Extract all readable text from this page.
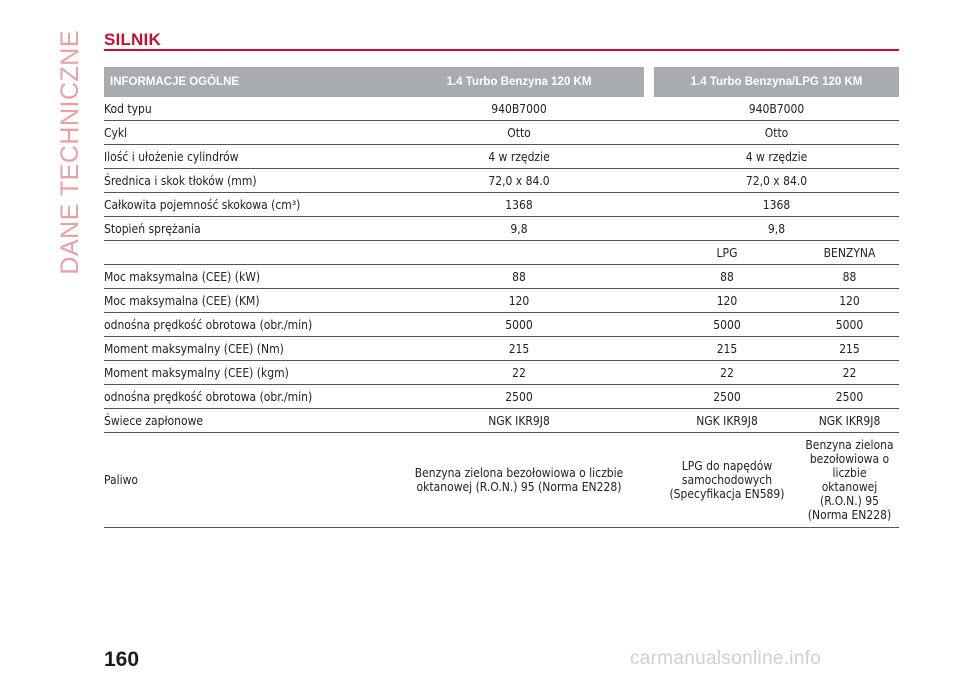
DANE TECHNICZNE SILNIK
INFORMACJE OGÓLNE	1.4 Turbo Benzyna 120 KM		1.4 Turbo Benzyna/LPG 120 KM	
Kod typu	940B7000		940B7000	
Cykl	Otto		Otto	
Ilość i ułożenie cylindrów	4 w rzędzie		4 w rzędzie	
Średnica i skok tłoków (mm)	72,0 x 84.0		72,0 x 84.0	
Całkowita pojemność skokowa (cm³)	1368		1368	
Stopień sprężania	9,8		9,8	
			LPG	BENZYNA
Moc maksymalna (CEE) (kW)	88		88	88
Moc maksymalna (CEE) (KM)	120		120	120
odnośna prędkość obrotowa (obr./min)	5000		5000	5000
Moment maksymalny (CEE) (Nm)	215		215	215
Moment maksymalny (CEE) (kgm)	22		22	22
odnośna prędkość obrotowa (obr./min)	2500		2500	2500
Świece zapłonowe	NGK IKR9J8		NGK IKR9J8	NGK IKR9J8
Paliwo	Benzyna zielona bezołowiowa o liczbie oktanowej (R.O.N.) 95 (Norma EN228)		LPG do napędów samochodowych (Specyfikacja EN589)	Benzyna zielona bezołowiowa o liczbie oktanowej (R.O.N.) 95 (Norma EN228)
160	carmanualsonline.info
